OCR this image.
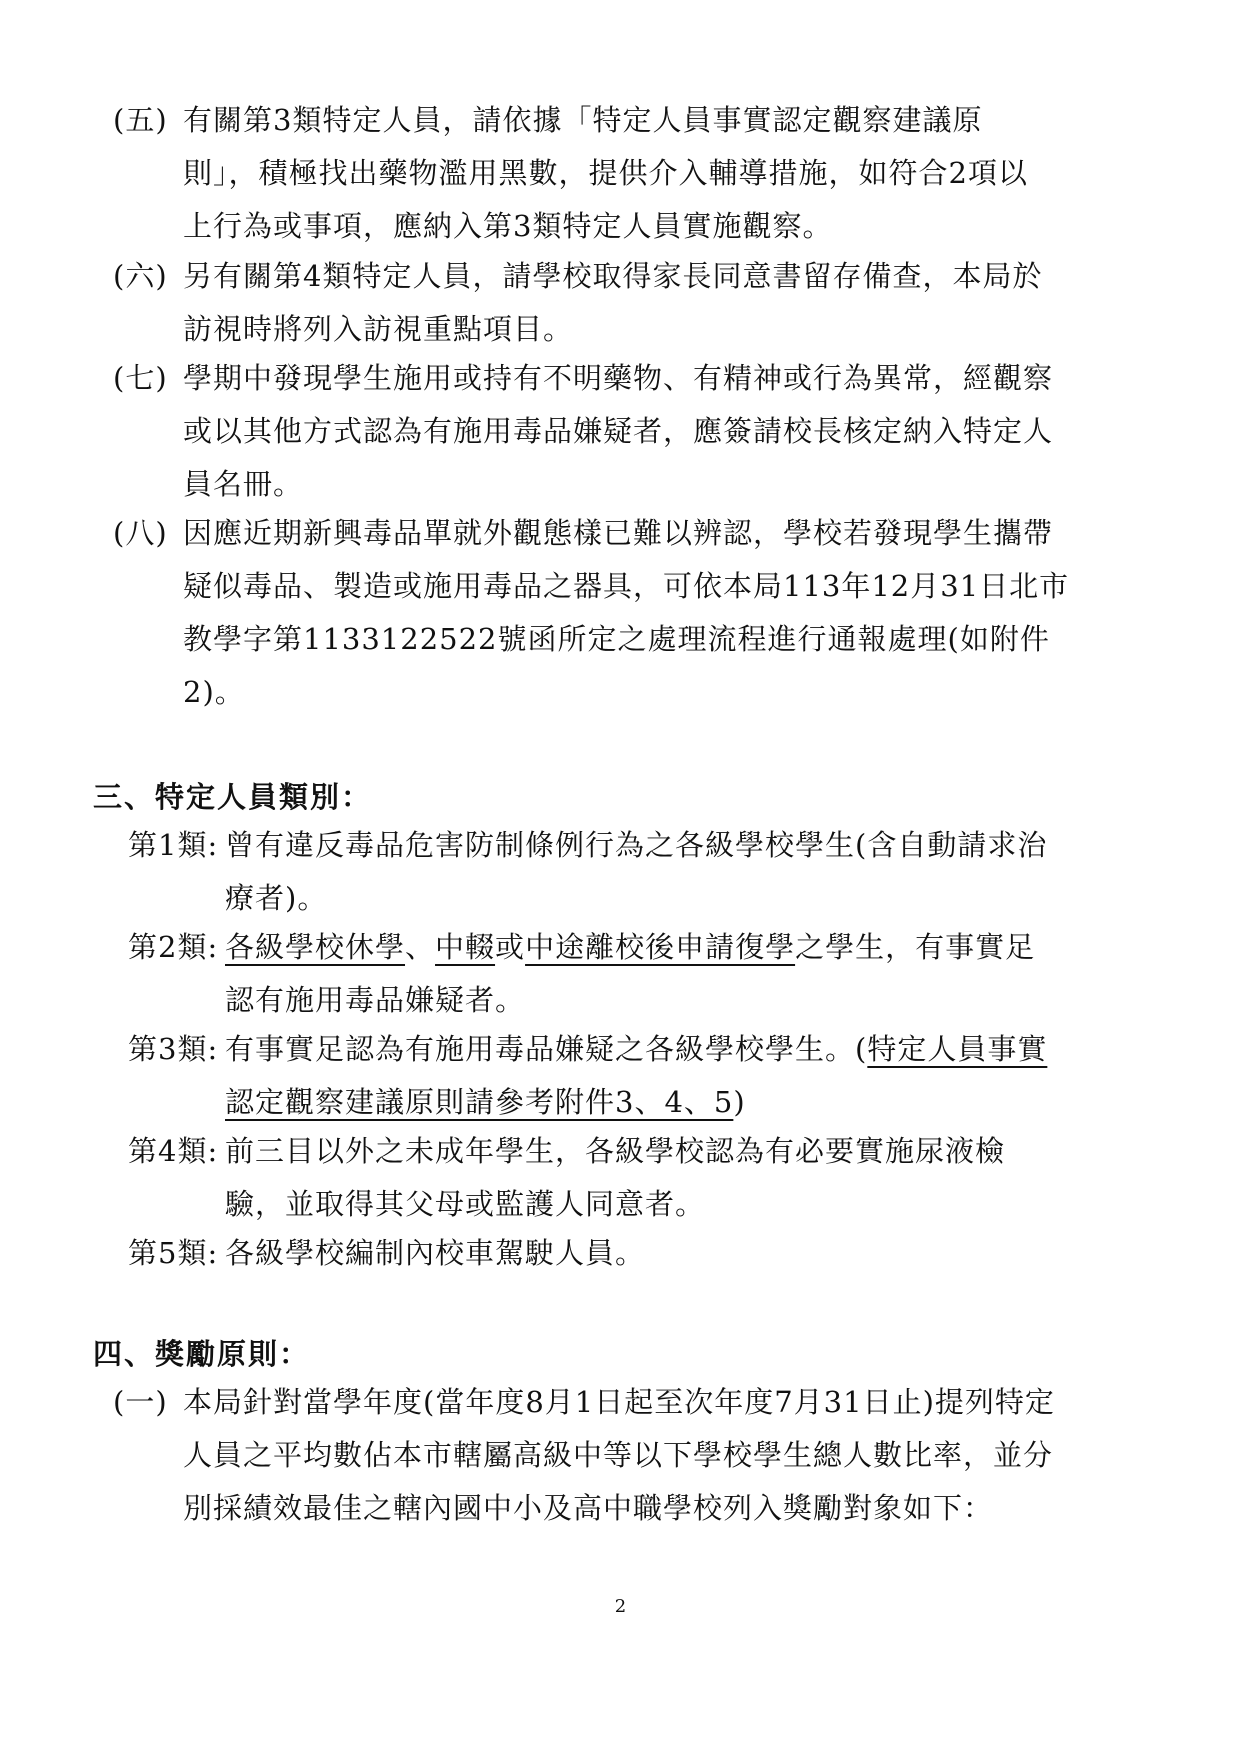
(五) 有關第3類特定人員，請依據「特定人員事實認定觀察建議原
則」，積極找出藥物濫用黑數，提供介入輔導措施，如符合2項以
上行為或事項，應納入第3類特定人員實施觀察。
(六) 另有關第4類特定人員，請學校取得家長同意書留存備查，本局於
訪視時將列入訪視重點項目。
(七) 學期中發現學生施用或持有不明藥物、有精神或行為異常，經觀察
或以其他方式認為有施用毒品嫌疑者，應簽請校長核定納入特定人
員名冊。
(八) 因應近期新興毒品單就外觀態樣已難以辨認，學校若發現學生攜帶
疑似毒品、製造或施用毒品之器具，可依本局113年12月31日北市
教學字第1133122522號函所定之處理流程進行通報處理(如附件
2)。
三、特定人員類別：
第1類: 曾有違反毒品危害防制條例行為之各級學校學生(含自動請求治
療者)。
第2類: 各級學校休學、中輟或中途離校後申請復學之學生，有事實足
認有施用毒品嫌疑者。
第3類: 有事實足認為有施用毒品嫌疑之各級學校學生。(特定人員事實
認定觀察建議原則請參考附件3、4、5)
第4類: 前三目以外之未成年學生，各級學校認為有必要實施尿液檢
驗，並取得其父母或監護人同意者。
第5類: 各級學校編制內校車駕駛人員。
四、獎勵原則：
(一) 本局針對當學年度(當年度8月1日起至次年度7月31日止)提列特定
人員之平均數佔本市轄屬高級中等以下學校學生總人數比率，並分
別採績效最佳之轄內國中小及高中職學校列入獎勵對象如下：
2
